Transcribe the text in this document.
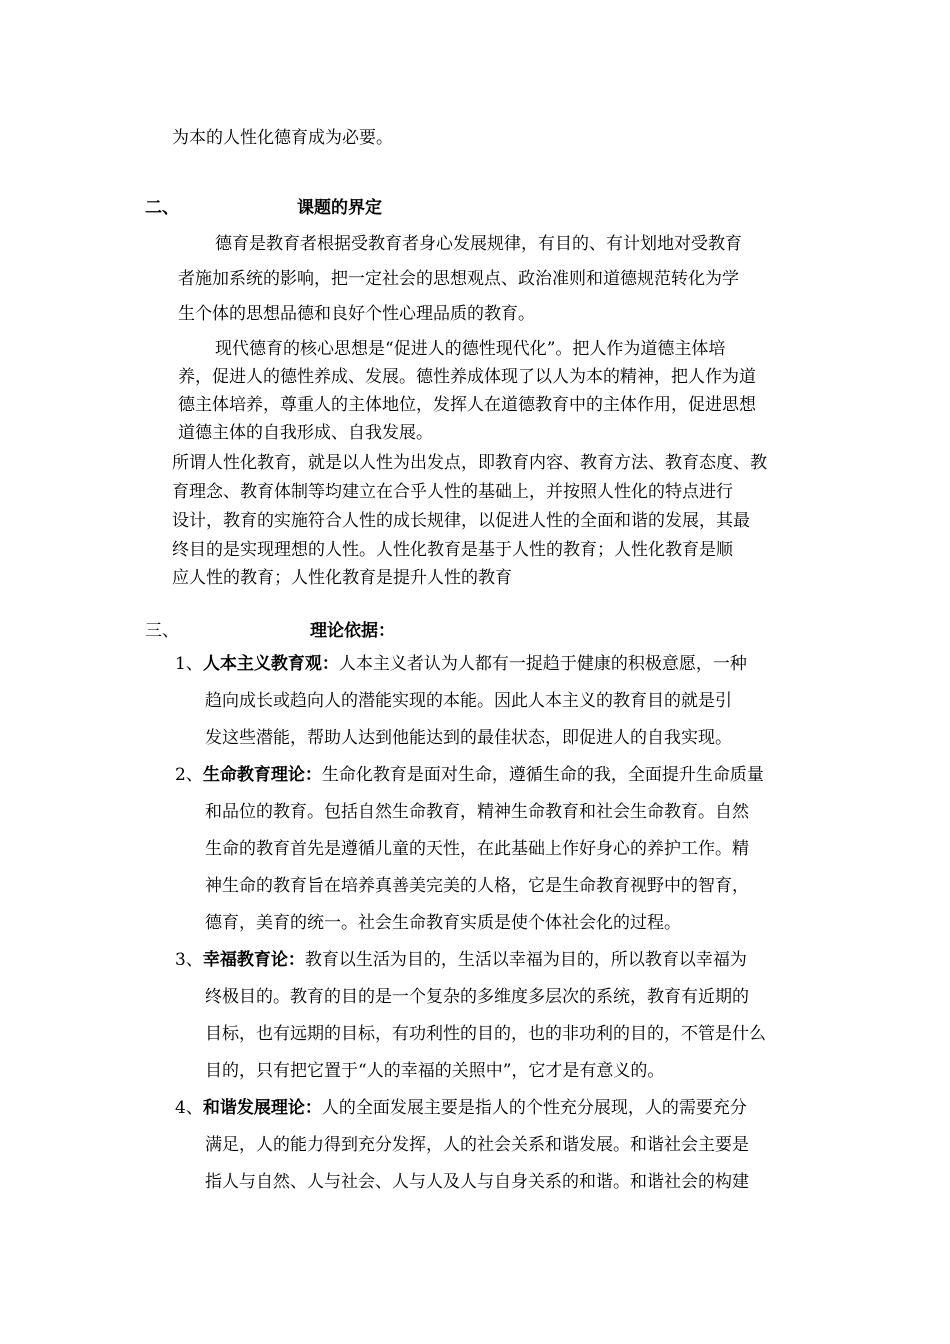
为本的人性化德育成为必要。
二、	课题的界定
德育是教育者根据受教育者身心发展规律，有目的、有计划地对受教育
者施加系统的影响，把一定社会的思想观点、政治准则和道德规范转化为学
生个体的思想品德和良好个性心理品质的教育。
现代德育的核心思想是“促进人的德性现代化”。把人作为道德主体培
养，促进人的德性养成、发展。德性养成体现了以人为本的精神，把人作为道
德主体培养，尊重人的主体地位，发挥人在道德教育中的主体作用，促进思想
道德主体的自我形成、自我发展。
所谓人性化教育，就是以人性为出发点，即教育内容、教育方法、教育态度、教
育理念、教育体制等均建立在合乎人性的基础上，并按照人性化的特点进行
设计，教育的实施符合人性的成长规律，以促进人性的全面和谐的发展，其最
终目的是实现理想的人性。人性化教育是基于人性的教育；人性化教育是顺
应人性的教育；人性化教育是提升人性的教育
三、	理论依据：
1、人本主义教育观：人本主义者认为人都有一捉趋于健康的积极意愿，一种
趋向成长或趋向人的潜能实现的本能。因此人本主义的教育目的就是引
发这些潜能，帮助人达到他能达到的最佳状态，即促进人的自我实现。
2、生命教育理论：生命化教育是面对生命，遵循生命的我，全面提升生命质量
和品位的教育。包括自然生命教育，精神生命教育和社会生命教育。自然
生命的教育首先是遵循儿童的天性，在此基础上作好身心的养护工作。精
神生命的教育旨在培养真善美完美的人格，它是生命教育视野中的智育，
德育，美育的统一。社会生命教育实质是使个体社会化的过程。
3、幸福教育论：教育以生活为目的，生活以幸福为目的，所以教育以幸福为
终极目的。教育的目的是一个复杂的多维度多层次的系统，教育有近期的
目标，也有远期的目标，有功利性的目的，也的非功利的目的，不管是什么
目的，只有把它置于“人的幸福的关照中”，它才是有意义的。
4、和谐发展理论：人的全面发展主要是指人的个性充分展现，人的需要充分
满足，人的能力得到充分发挥，人的社会关系和谐发展。和谐社会主要是
指人与自然、人与社会、人与人及人与自身关系的和谐。和谐社会的构建
